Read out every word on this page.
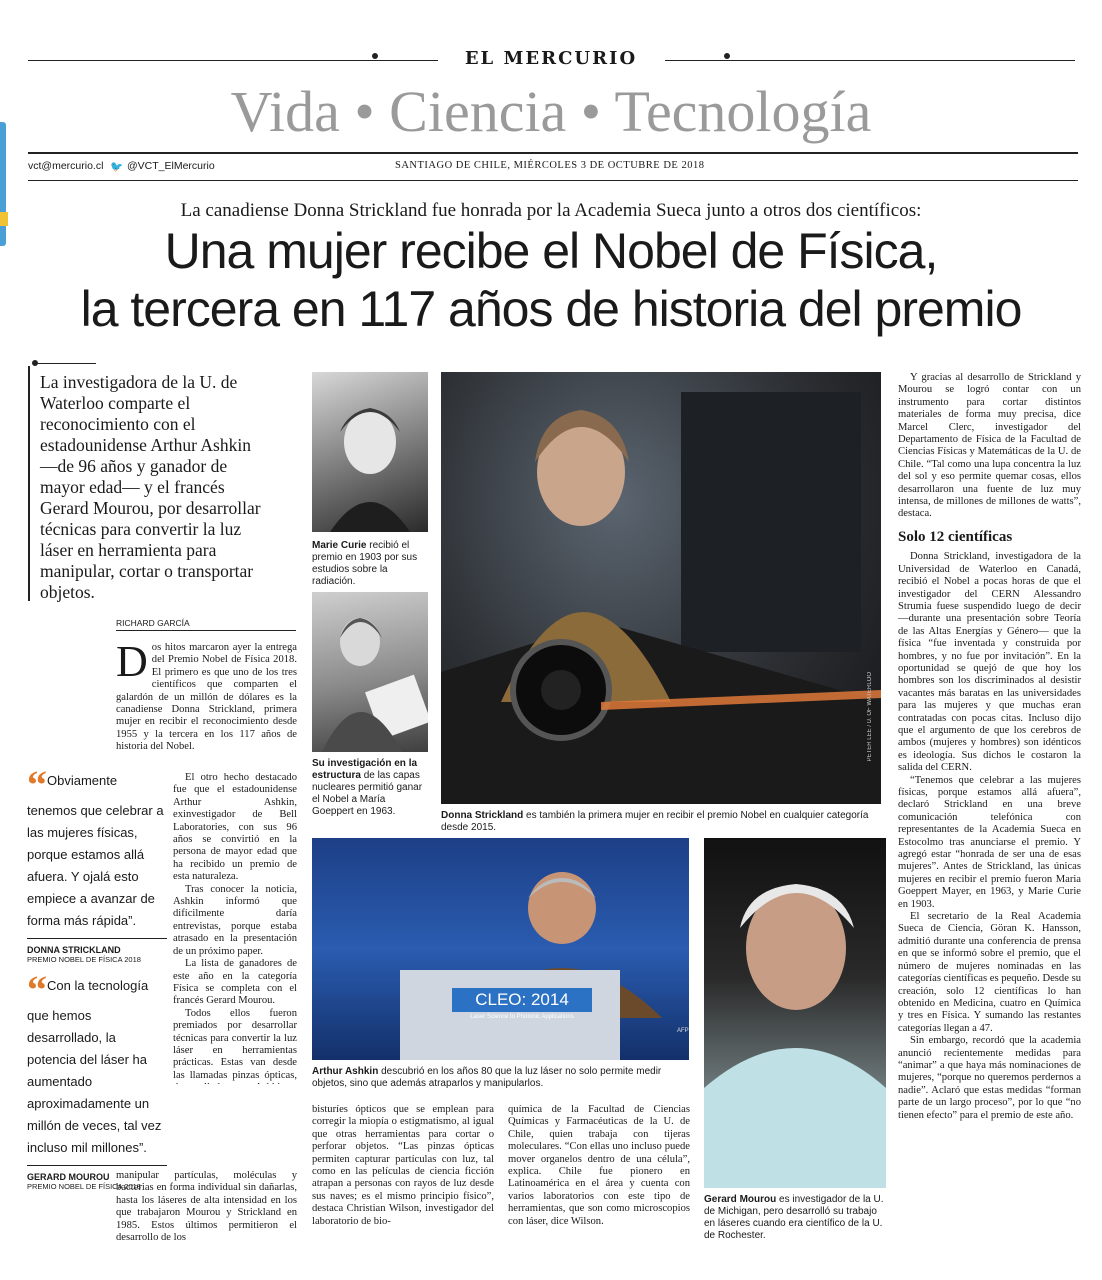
EL MERCURIO
Vida • Ciencia • Tecnología
vct@mercurio.cl 🐦 @VCT_ElMercurio	SANTIAGO DE CHILE, MIÉRCOLES 3 DE OCTUBRE DE 2018
La canadiense Donna Strickland fue honrada por la Academia Sueca junto a otros dos científicos:
Una mujer recibe el Nobel de Física,
la tercera en 117 años de historia del premio
La investigadora de la U. de Waterloo comparte el reconocimiento con el estadounidense Arthur Ashkin —de 96 años y ganador de mayor edad— y el francés Gerard Mourou, por desarrollar técnicas para convertir la luz láser en herramienta para manipular, cortar o transportar objetos.
“Obviamente tenemos que celebrar a las mujeres físicas, porque estamos allá afuera. Y ojalá esto empiece a avanzar de forma más rápida”.
DONNA STRICKLAND
PREMIO NOBEL DE FÍSICA 2018
“Con la tecnología que hemos desarrollado, la potencia del láser ha aumentado aproximadamente un millón de veces, tal vez incluso mil millones”.
GERARD MOUROU
PREMIO NOBEL DE FÍSICA 2018
RICHARD GARCÍA
Dos hitos marcaron ayer la entrega del Premio Nobel de Física 2018. El primero es que uno de los tres científicos que comparten el galardón de un millón de dólares es la canadiense Donna Strickland, primera mujer en recibir el reconocimiento desde 1955 y la tercera en los 117 años de historia del Nobel.
El otro hecho destacado fue que el estadounidense Arthur Ashkin, exinvestigador de Bell Laboratories, con sus 96 años se convirtió en la persona de mayor edad que ha recibido un premio de esta naturaleza.
Tras conocer la noticia, Ashkin informó que difícilmente daría entrevistas, porque estaba atrasado en la presentación de un próximo paper.
La lista de ganadores de este año en la categoría Física se completa con el francés Gerard Mourou.
Todos ellos fueron premiados por desarrollar técnicas para convertir la luz láser en herramientas prácticas. Estas van desde las llamadas pinzas ópticas,
manipular partículas, moléculas y bacterias en forma individual sin dañarlas, hasta los láseres de alta intensidad en los que trabajaron Mourou y Strickland en 1985. Estos últimos permitieron el desarrollo de los
bisturíes ópticos que se emplean para corregir la miopía o estigmatismo, al igual que otras herramientas para cortar o perforar objetos. “Las pinzas ópticas permiten capturar partículas con luz, tal como en las películas de ciencia ficción atrapan a personas con rayos de luz desde sus naves; es el mismo principio físico”, destaca Christian Wilson, investigador del laboratorio de bio-
química de la Facultad de Ciencias Químicas y Farmacéuticas de la U. de Chile, quien trabaja con tijeras moleculares. “Con ellas uno incluso puede mover organelos dentro de una célula”, explica. Chile fue pionero en Latinoamérica en el área y cuenta con varios laboratorios con este tipo de herramientas, que son como microscopios con láser, dice Wilson.
Y gracias al desarrollo de Strickland y Mourou se logró contar con un instrumento para cortar distintos materiales de forma muy precisa, dice Marcel Clerc, investigador del Departamento de Física de la Facultad de Ciencias Físicas y Matemáticas de la U. de Chile. “Tal como una lupa concentra la luz del sol y eso permite quemar cosas, ellos desarrollaron una fuente de luz muy intensa, de millones de millones de watts”, destaca.
Solo 12 científicas
Donna Strickland, investigadora de la Universidad de Waterloo en Canadá, recibió el Nobel a pocas horas de que el investigador del CERN Alessandro Strumia fuese suspendido luego de decir —durante una presentación sobre Teoría de las Altas Energías y Género— que la física “fue inventada y construida por hombres, y no fue por invitación”. En la oportunidad se quejó de que hoy los hombres son los discriminados al desistir vacantes más baratas en las universidades para las mujeres y que muchas eran contratadas con pocas citas. Incluso dijo que el argumento de que los cerebros de ambos (mujeres y hombres) son idénticos es ideología. Sus dichos le costaron la salida del CERN.
“Tenemos que celebrar a las mujeres físicas, porque estamos allá afuera”, declaró Strickland en una breve comunicación telefónica con representantes de la Academia Sueca en Estocolmo tras anunciarse el premio. Y agregó estar “honrada de ser una de esas mujeres”. Antes de Strickland, las únicas mujeres en recibir el premio fueron Maria Goeppert Mayer, en 1963, y Marie Curie en 1903.
El secretario de la Real Academia Sueca de Ciencia, Göran K. Hansson, admitió durante una conferencia de prensa en que se informó sobre el premio, que el número de mujeres nominadas en las categorías científicas es pequeño. Desde su creación, solo 12 científicas lo han obtenido en Medicina, cuatro en Química y tres en Física. Y sumando las restantes categorías llegan a 47.
Sin embargo, recordó que la academia anunció recientemente medidas para “animar” a que haya más nominaciones de mujeres, “porque no queremos perdernos a nadie”. Aclaró que estas medidas “forman parte de un largo proceso”, por lo que “no tienen efecto” para el premio de este año.
Marie Curie recibió el premio en 1903 por sus estudios sobre la radiación.
Su investigación en la estructura de las capas nucleares permitió ganar el Nobel a María Goeppert en 1963.
PETER LEE / U. OF WATERLOO
Donna Strickland es también la primera mujer en recibir el premio Nobel en cualquier categoría desde 2015.
CLEO: 2014
Laser Science to Photonic Applications
AFP
Arthur Ashkin descubrió en los años 80 que la luz láser no solo permite medir objetos, sino que además atraparlos y manipularlos.
Gerard Mourou es investigador de la U. de Michigan, pero desarrolló su trabajo en láseres cuando era científico de la U. de Rochester.
